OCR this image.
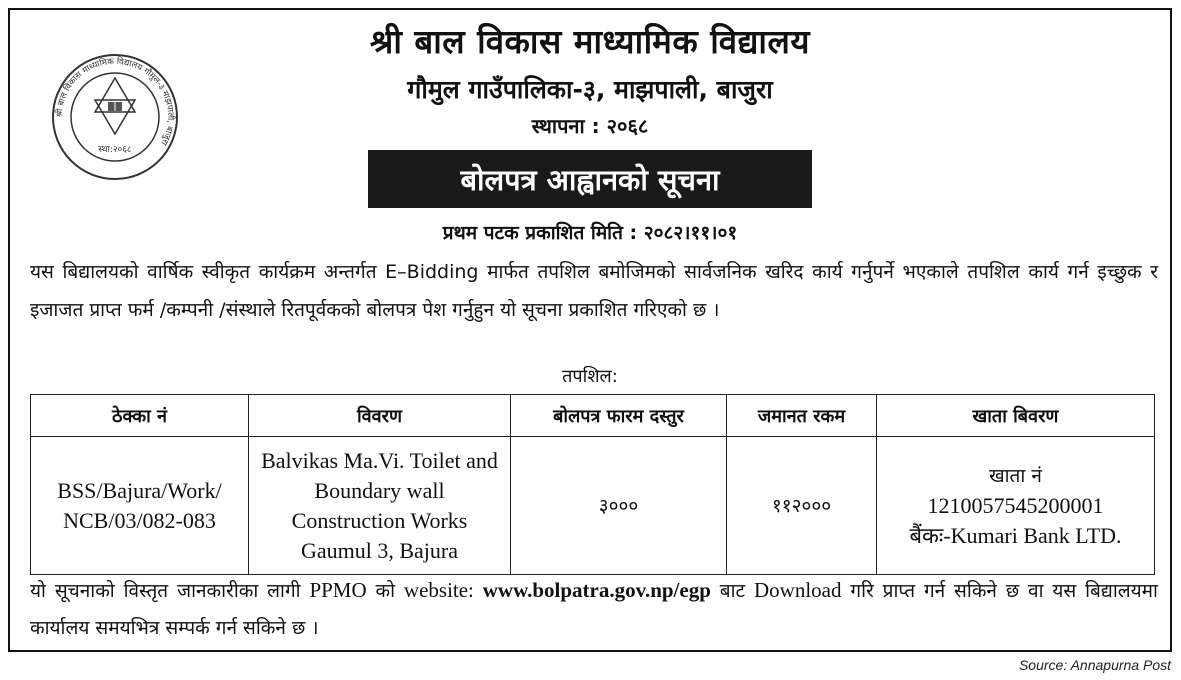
श्री बाल विकास माध्यामिक विद्यालय गौमुल-३ माझपाली, बाजुरा
स्था:२०६८
श्री बाल विकास माध्यामिक विद्यालय
गौमुल गाउँपालिका-३, माझपाली, बाजुरा
स्थापना : २०६८
बोलपत्र आह्वानको सूचना
प्रथम पटक प्रकाशित मिति : २०८२।११।०१

यस बिद्यालयको वार्षिक स्वीकृत कार्यक्रम अन्तर्गत E–Bidding मार्फत तपशिल बमोजिमको सार्वजनिक खरिद कार्य गर्नुपर्ने भएकाले तपशिल कार्य गर्न इच्छुक र इजाजत प्राप्त फर्म /कम्पनी /संस्थाले रितपूर्वकको बोलपत्र पेश गर्नुहुन यो सूचना प्रकाशित गरिएको छ ।

तपशिल:
ठेक्का नं	विवरण	बोलपत्र फारम दस्तुर	जमानत रकम	खाता बिवरण
BSS/Bajura/Work/ NCB/03/082-083	Balvikas Ma.Vi. Toilet and Boundary wall Construction Works Gaumul 3, Bajura	३०००	११२०००	खाता नं
1210057545200001
बैंकः-Kumari Bank LTD.

यो सूचनाको विस्तृत जानकारीका लागी PPMO को website: www.bolpatra.gov.np/egp बाट Download गरि प्राप्त गर्न सकिने छ वा यस बिद्यालयमा कार्यालय समयभित्र सम्पर्क गर्न सकिने छ ।

Source: Annapurna Post
